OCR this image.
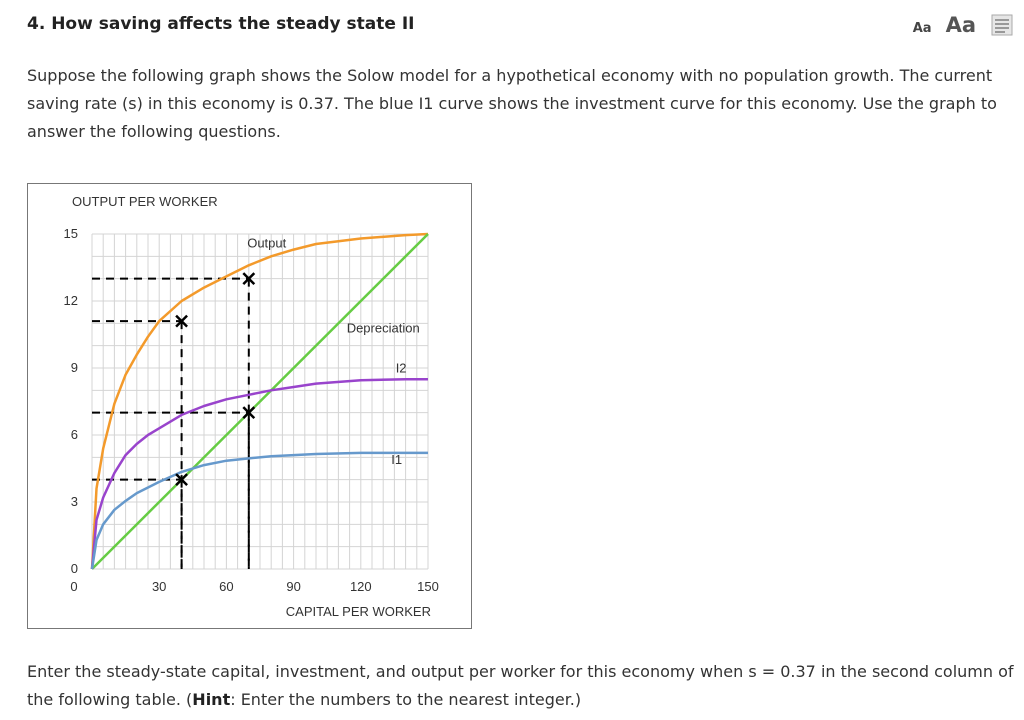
4. How saving affects the steady state II	Aa Aa
Suppose the following graph shows the Solow model for a hypothetical economy with no population growth. The current saving rate (s) in this economy is 0.37. The blue I1 curve shows the investment curve for this economy. Use the graph to answer the following questions.
OUTPUT PER WORKER
CAPITAL PER WORKER
0
3
6
9
12
15
0	30	60	90	120	150
Output
Depreciation
I2
I1
Enter the steady-state capital, investment, and output per worker for this economy when s = 0.37 in the second column of the following table. (Hint: Enter the numbers to the nearest integer.)
